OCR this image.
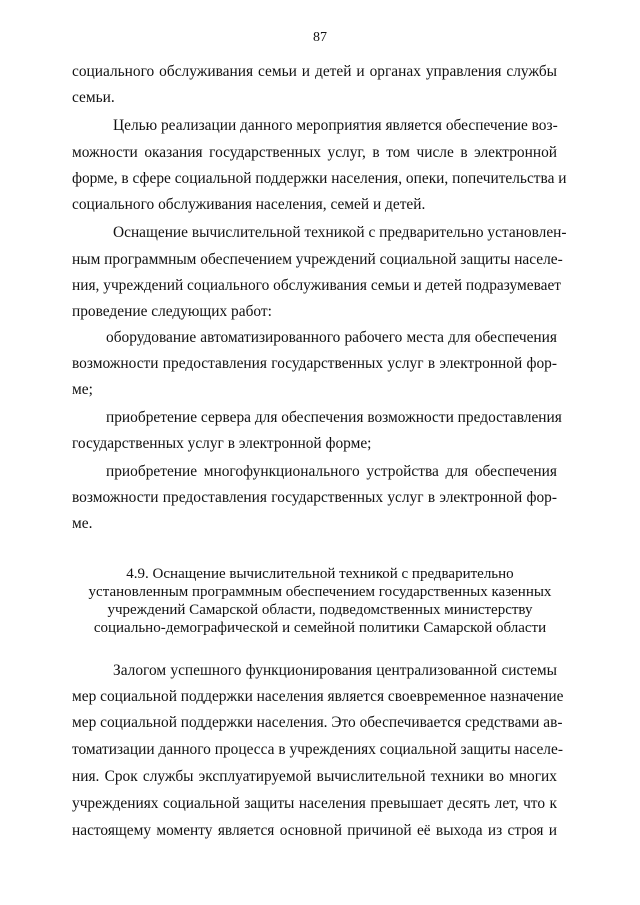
87
социального обслуживания семьи и детей и органах управления службы
семьи.
Целью реализации данного мероприятия является обеспечение воз-
можности оказания государственных услуг, в том числе в электронной
форме, в сфере социальной поддержки населения, опеки, попечительства и
социального обслуживания населения, семей и детей.
Оснащение вычислительной техникой с предварительно установлен-
ным программным обеспечением учреждений социальной защиты населе-
ния, учреждений социального обслуживания семьи и детей подразумевает
проведение следующих работ:
оборудование автоматизированного рабочего места для обеспечения
возможности предоставления государственных услуг в электронной фор-
ме;
приобретение сервера для обеспечения возможности предоставления
государственных услуг в электронной форме;
приобретение многофункционального устройства для обеспечения
возможности предоставления государственных услуг в электронной фор-
ме.
4.9. Оснащение вычислительной техникой с предварительно
установленным программным обеспечением государственных казенных
учреждений Самарской области, подведомственных министерству
социально-демографической и семейной политики Самарской области
Залогом успешного функционирования централизованной системы
мер социальной поддержки населения является своевременное назначение
мер социальной поддержки населения. Это обеспечивается средствами ав-
томатизации данного процесса в учреждениях социальной защиты населе-
ния. Срок службы эксплуатируемой вычислительной техники во многих
учреждениях социальной защиты населения превышает десять лет, что к
настоящему моменту является основной причиной её выхода из строя и
